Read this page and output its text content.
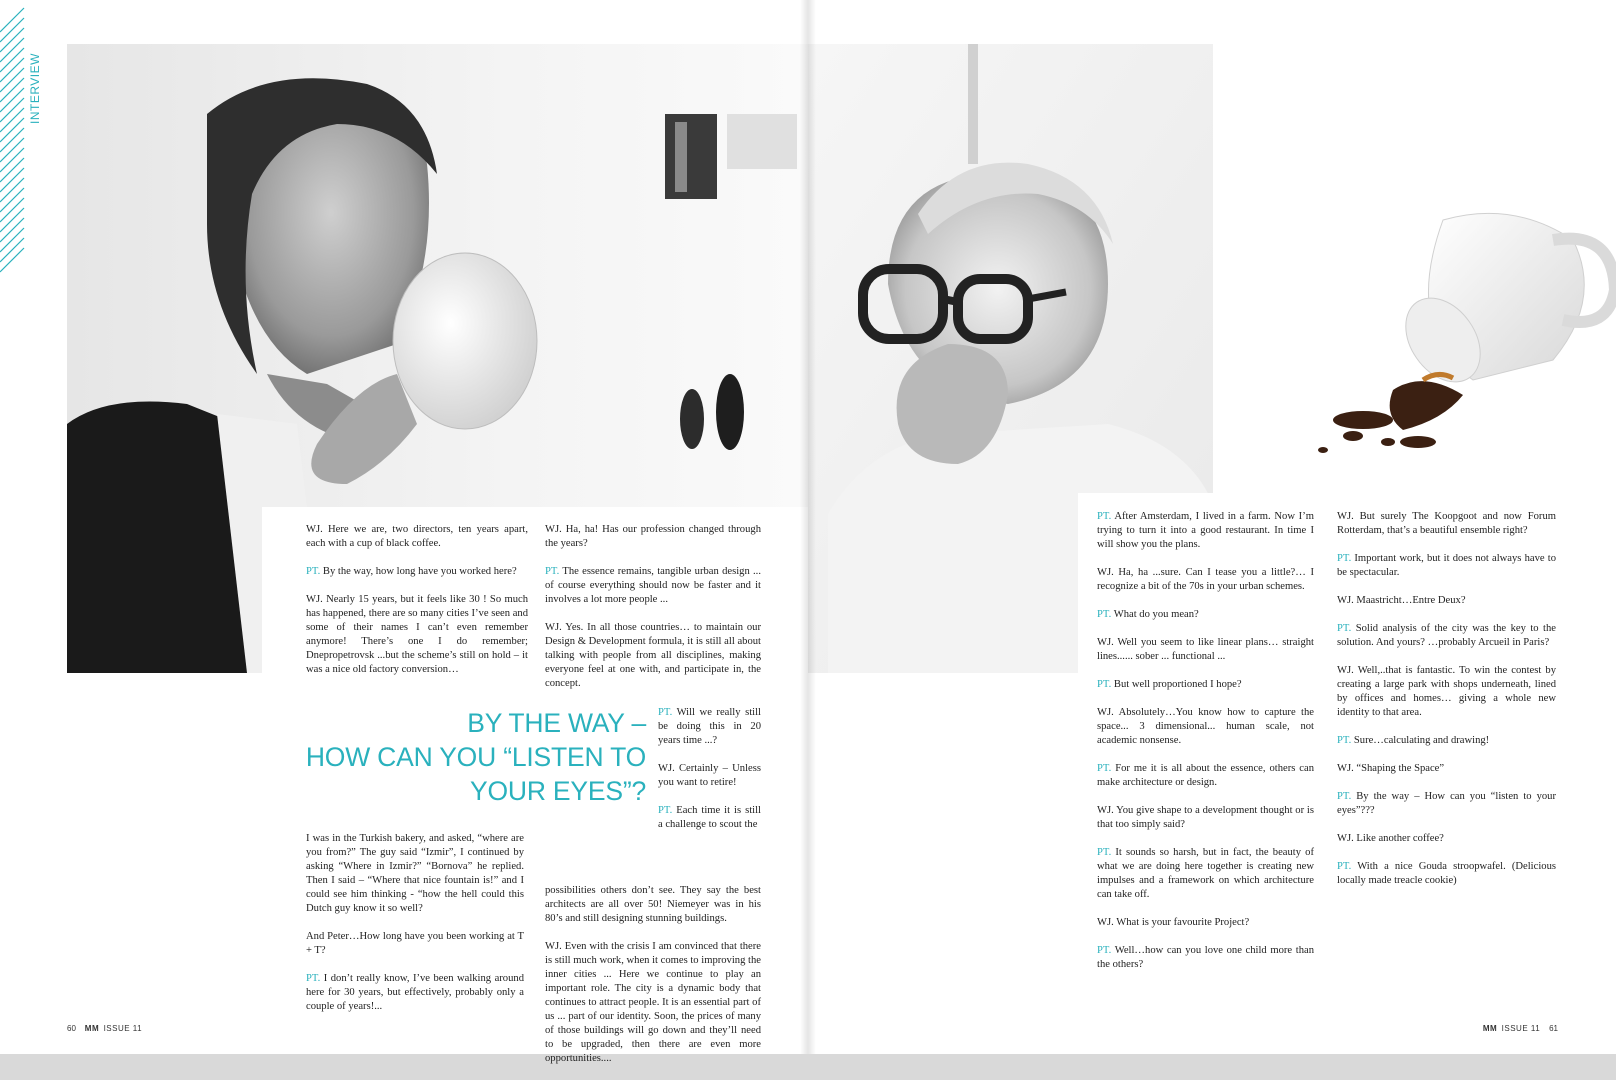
INTERVIEW

WJ. Here we are, two directors, ten years apart, each with a cup of black coffee.

PT. By the way, how long have you worked here?

WJ. Nearly 15 years, but it feels like 30 ! So much has happened, there are so many cities I’ve seen and some of their names I can’t even remember anymore! There’s one I do remember; Dnepropetrovsk ...but the scheme’s still on hold – it was a nice old factory conversion…

WJ. Ha, ha! Has our profession changed through the years?

PT. The essence remains, tangible urban design ... of course everything should now be faster and it involves a lot more people ...

WJ. Yes. In all those countries… to maintain our Design & Development formula, it is still all about talking with people from all disciplines, making everyone feel at one with, and participate in, the concept.

BY THE WAY –
HOW CAN YOU “LISTEN TO
YOUR EYES”?

PT. Will we really still be doing this in 20 years time ...?

WJ. Certainly – Unless you want to retire!

PT. Each time it is still a challenge to scout the

I was in the Turkish bakery, and asked, “where are you from?” The guy said “Izmir”, I continued by asking “Where in Izmir?” “Bornova” he replied. Then I said – “Where that nice fountain is!” and I could see him thinking - “how the hell could this Dutch guy know it so well?

And Peter…How long have you been working at T + T?

PT. I don’t really know, I’ve been walking around here for 30 years, but effectively, probably only a couple of years!...

possibilities others don’t see. They say the best architects are all over 50! Niemeyer was in his 80’s and still designing stunning buildings.

WJ. Even with the crisis I am convinced that there is still much work, when it comes to improving the inner cities ... Here we continue to play an important role. The city is a dynamic body that continues to attract people. It is an essential part of us ... part of our identity. Soon, the prices of many of those buildings will go down and they’ll need to be upgraded, then there are even more opportunities....

60 MM ISSUE 11

PT. After Amsterdam, I lived in a farm. Now I’m trying to turn it into a good restaurant. In time I will show you the plans.

WJ. Ha, ha ...sure. Can I tease you a little?… I recognize a bit of the 70s in your urban schemes.

PT. What do you mean?

WJ. Well you seem to like linear plans… straight lines...... sober ... functional ...

PT. But well proportioned I hope?

WJ. Absolutely…You know how to capture the space... 3 dimensional... human scale, not academic nonsense.

PT. For me it is all about the essence, others can make architecture or design.

WJ. You give shape to a development thought or is that too simply said?

PT. It sounds so harsh, but in fact, the beauty of what we are doing here together is creating new impulses and a framework on which architecture can take off.

WJ. What is your favourite Project?

PT. Well…how can you love one child more than the others?

WJ. But surely The Koopgoot and now Forum Rotterdam, that’s a beautiful ensemble right?

PT. Important work, but it does not always have to be spectacular.

WJ. Maastricht…Entre Deux?

PT. Solid analysis of the city was the key to the solution. And yours? …probably Arcueil in Paris?

WJ. Well,..that is fantastic. To win the contest by creating a large park with shops underneath, lined by offices and homes… giving a whole new identity to that area.

PT. Sure…calculating and drawing!

WJ. “Shaping the Space”

PT. By the way – How can you “listen to your eyes”???

WJ. Like another coffee?

PT. With a nice Gouda stroopwafel. (Delicious locally made treacle cookie)

MM ISSUE 11 61
